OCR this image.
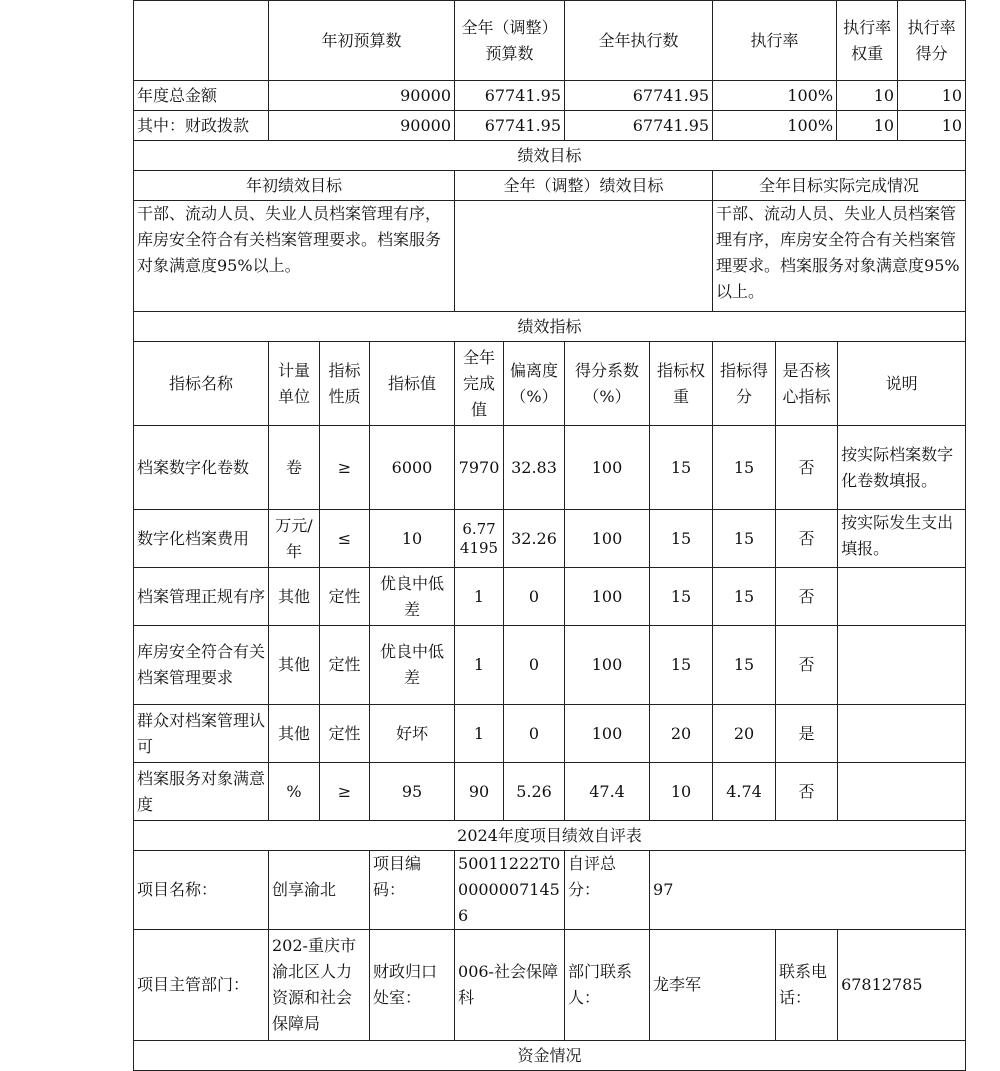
	年初预算数			全年（调整）预算数		全年执行数		执行率		执行率权重	执行率得分
年度总金额	90000			67741.95		67741.95		100%		10	10
其中：财政拨款	90000			67741.95		67741.95		100%		10	10
绩效目标											
年初绩效目标				全年（调整）绩效目标				全年目标实际完成情况			
干部、流动人员、失业人员档案管理有序，库房安全符合有关档案管理要求。档案服务对象满意度95%以上。								干部、流动人员、失业人员档案管理有序，库房安全符合有关档案管理要求。档案服务对象满意度95%以上。			
绩效指标											
指标名称	计量单位	指标性质	指标值	全年完成值	偏离度（%）	得分系数（%）	指标权重	指标得分	是否核心指标	说明	
档案数字化卷数	卷	≥	6000	7970	32.83	100	15	15	否	按实际档案数字化卷数填报。	
数字化档案费用	万元/年	≤	10	6.774195	32.26	100	15	15	否	按实际发生支出填报。	
档案管理正规有序	其他	定性	优良中低差	1	0	100	15	15	否		
库房安全符合有关档案管理要求	其他	定性	优良中低差	1	0	100	15	15	否		
群众对档案管理认可	其他	定性	好坏	1	0	100	20	20	是		
档案服务对象满意度	%	≥	95	90	5.26	47.4	10	4.74	否		
2024年度项目绩效自评表											
项目名称：	创享渝北		项目编码：	50011222T000000071456		自评总分：	97				
项目主管部门：	202-重庆市渝北区人力资源和社会保障局		财政归口处室：	006-社会保障科		部门联系人：	龙李军		联系电话：	67812785	
资金情况											
